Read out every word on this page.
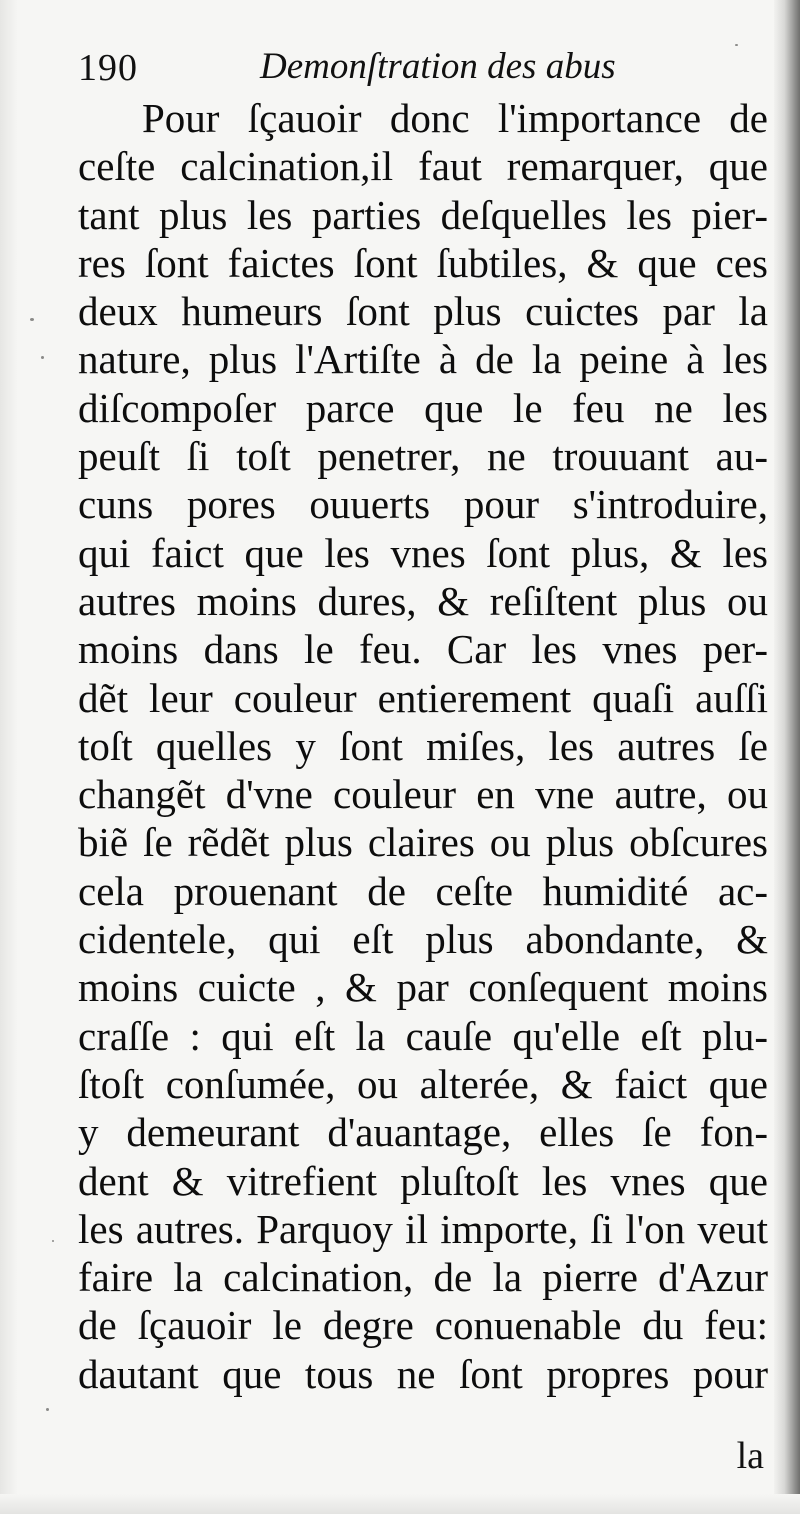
190	Demonſtration des abus
Pour ſçauoir donc l'importance de
ceſte calcination,il faut remarquer, que
tant plus les parties deſquelles les pier-
res ſont faictes ſont ſubtiles, & que ces
deux humeurs ſont plus cuictes par la
nature, plus l'Artiſte à de la peine à les
diſcompoſer parce que le feu ne les
peuſt ſi toſt penetrer, ne trouuant au-
cuns pores ouuerts pour s'introduire,
qui faict que les vnes ſont plus, & les
autres moins dures, & reſiſtent plus ou
moins dans le feu. Car les vnes per-
dẽt leur couleur entierement quaſi auſſi
toſt quelles y ſont miſes, les autres ſe
changẽt d'vne couleur en vne autre, ou
biẽ ſe rẽdẽt plus claires ou plus obſcures
cela prouenant de ceſte humidité ac-
cidentele, qui eſt plus abondante, &
moins cuicte , & par conſequent moins
craſſe : qui eſt la cauſe qu'elle eſt plu-
ſtoſt conſumée, ou alterée, & faict que
y demeurant d'auantage, elles ſe fon-
dent & vitrefient pluſtoſt les vnes que
les autres. Parquoy il importe, ſi l'on veut
faire la calcination, de la pierre d'Azur
de ſçauoir le degre conuenable du feu:
dautant que tous ne ſont propres pour
la
